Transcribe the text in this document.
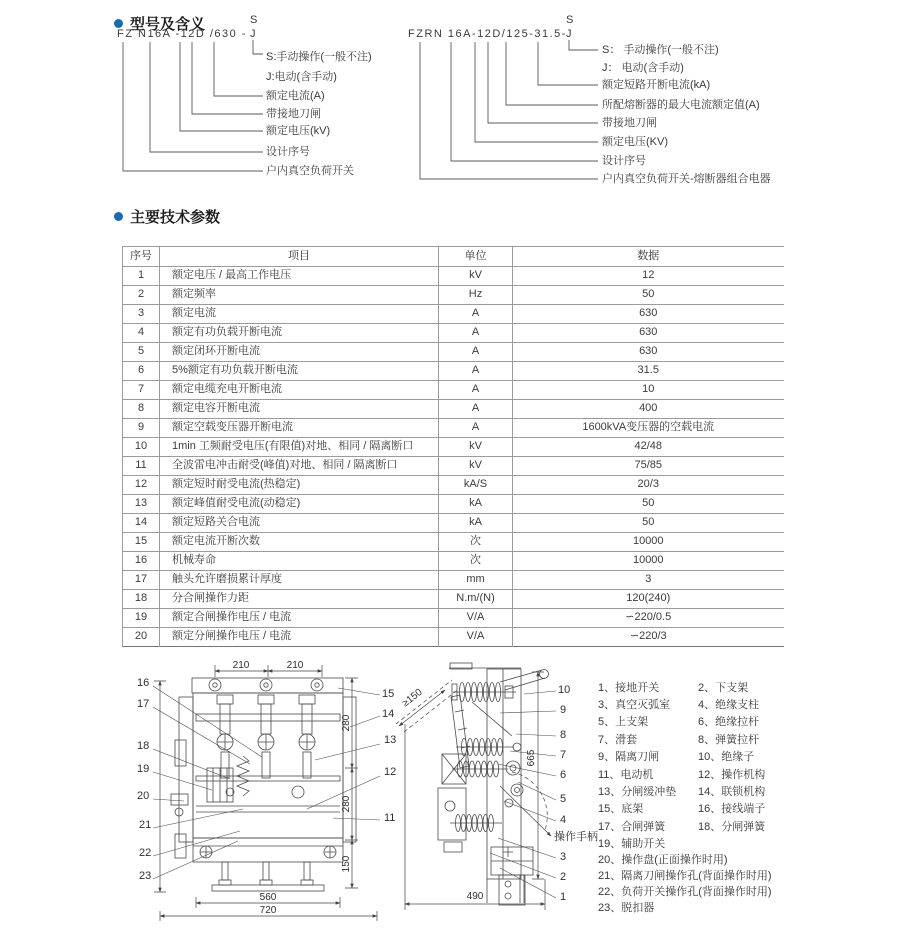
210	210
280
280
150
560
720
≥150
665
490
型号及含义
FZ N16A -12D /630 -
S
J
S:手动操作(一般不注)
J:电动(含手动)
额定电流(A)
带接地刀闸
额定电压(kV)
设计序号
户内真空负荷开关
FZRN 16A-12D/125-31.5-
S
J
S： 手动操作(一般不注)
J： 电动(含手动)
额定短路开断电流(kA)
所配熔断器的最大电流额定值(A)
带接地刀闸
额定电压(KV)
设计序号
户内真空负荷开关-熔断器组合电器
主要技术参数
序号	项目	单位	数据
1	额定电压 / 最高工作电压	kV	12
2	额定频率	Hz	50
3	额定电流	A	630
4	额定有功负载开断电流	A	630
5	额定闭环开断电流	A	630
6	5%额定有功负载开断电流	A	31.5
7	额定电缆充电开断电流	A	10
8	额定电容开断电流	A	400
9	额定空载变压器开断电流	A	1600kVA变压器的空载电流
10	1min 工频耐受电压(有限值)对地、相同 / 隔离断口	kV	42/48
11	全波雷电冲击耐受(峰值)对地、相同 / 隔离断口	kV	75/85
12	额定短时耐受电流(热稳定)	kA/S	20/3
13	额定峰值耐受电流(动稳定)	kA	50
14	额定短路关合电流	kA	50
15	额定电流开断次数	次	10000
16	机械寿命	次	10000
17	触头允许磨损累计厚度	mm	3
18	分合闸操作力距	N.m/(N)	120(240)
19	额定合闸操作电压 / 电流	V/A	∽220/0.5
20	额定分闸操作电压 / 电流	V/A	∽220/3
16
17
18
19
20
21
22
23
15
14
13
12
11
10
9
8
7
6
5
4
3
2
1
操作手柄
1、接地开关	2、下支架
3、真空灭弧室	4、绝缘支柱
5、上支架	6、绝缘拉杆
7、滑套	8、弹簧拉杆
9、隔离刀闸	10、绝缘子
11、电动机	12、操作机构
13、分闸缓冲垫	14、联锁机构
15、底架	16、接线端子
17、合闸弹簧	18、分闸弹簧
19、辅助开关
20、操作盘(正面操作时用)
21、隔离刀闸操作孔(背面操作时用)
22、负荷开关操作孔(背面操作时用)
23、脱扣器
